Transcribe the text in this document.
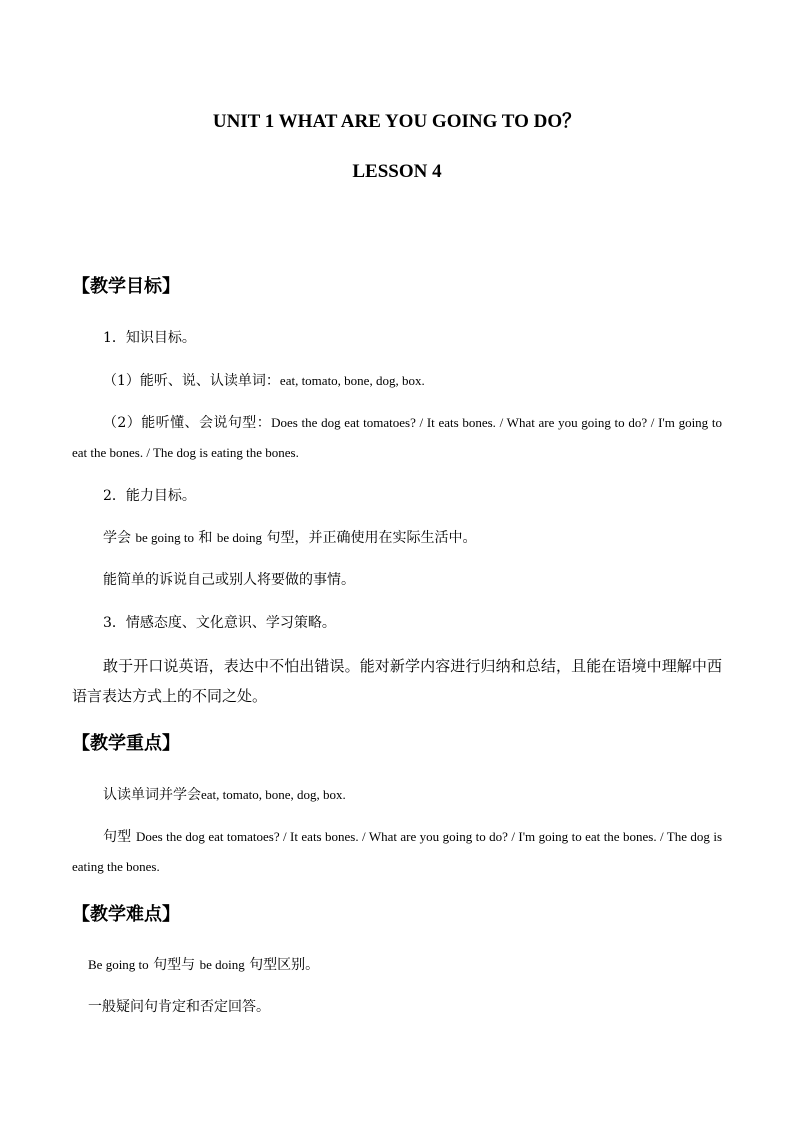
UNIT 1 WHAT ARE YOU GOING TO DO？
LESSON 4
【教学目标】
1．知识目标。
（1）能听、说、认读单词：eat, tomato, bone, dog, box.
（2）能听懂、会说句型：Does the dog eat tomatoes? / It eats bones. / What are you going to do? / I'm going to eat the bones. / The dog is eating the bones.
2．能力目标。
学会 be going to 和 be doing 句型，并正确使用在实际生活中。
能简单的诉说自己或别人将要做的事情。
3．情感态度、文化意识、学习策略。
敢于开口说英语，表达中不怕出错误。能对新学内容进行归纳和总结，且能在语境中理解中西语言表达方式上的不同之处。
【教学重点】
认读单词并学会eat, tomato, bone, dog, box.
句型 Does the dog eat tomatoes? / It eats bones. / What are you going to do? / I'm going to eat the bones. / The dog is eating the bones.
【教学难点】
Be going to 句型与 be doing 句型区别。
一般疑问句肯定和否定回答。
